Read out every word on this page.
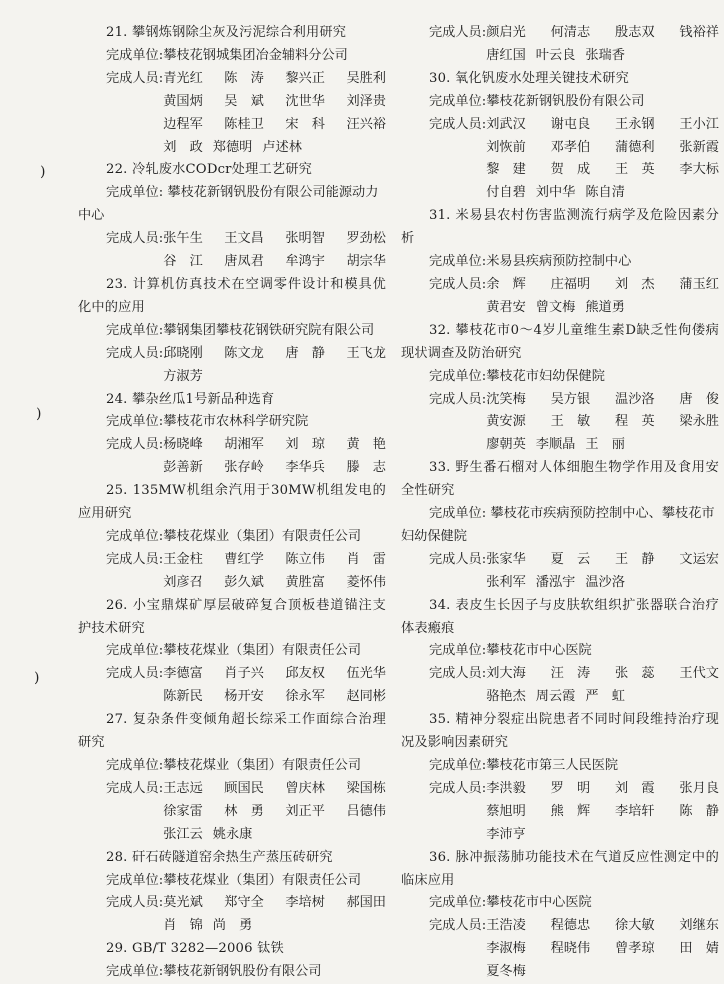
21. 攀钢炼钢除尘灰及污泥综合利用研究

完成单位: 攀枝花钢城集团冶金辅料分公司
完成人员: 青光红 陈　涛 黎兴正 吴胜利
黄国炳 吴　斌 沈世华 刘泽贵
边程军 陈桂卫 宋　科 汪兴裕
刘　政 郑德明 卢述林

22. 冷轧废水CODcr处理工艺研究

完成单位: 攀枝花新钢钒股份有限公司能源动力中心

完成人员: 张午生 王文昌 张明智 罗劲松
谷　江 唐凤君 牟鸿宇 胡宗华

23. 计算机仿真技术在空调零件设计和模具优化中的应用

完成单位: 攀钢集团攀枝花钢铁研究院有限公司
完成人员: 邱晓刚 陈文龙 唐　静 王飞龙
方淑芳

24. 攀杂丝瓜1号新品种选育

完成单位: 攀枝花市农林科学研究院
完成人员: 杨晓峰 胡湘军 刘　琼 黄　艳
彭善新 张存岭 李华兵 滕　志

25. 135MW机组余汽用于30MW机组发电的应用研究

完成单位: 攀枝花煤业（集团）有限责任公司
完成人员: 王金柱 曹红学 陈立伟 肖　雷
刘彦召 彭久斌 黄胜富 菱怀伟

26. 小宝鼎煤矿厚层破碎复合顶板巷道锚注支护技术研究

完成单位: 攀枝花煤业（集团）有限责任公司
完成人员: 李德富 肖子兴 邱友权 伍光华
陈新民 杨开安 徐永军 赵同彬

27. 复杂条件变倾角超长综采工作面综合治理研究

完成单位: 攀枝花煤业（集团）有限责任公司
完成人员: 王志远 顾国民 曾庆林 梁国栋
徐家雷 林　勇 刘正平 吕德伟
张江云 姚永康

28. 矸石砖隧道窑余热生产蒸压砖研究

完成单位: 攀枝花煤业（集团）有限责任公司
完成人员: 莫光斌 郑守全 李培树 郝国田
肖　锦 尚　勇

29. GB/T 3282—2006 钛铁

完成单位: 攀枝花新钢钒股份有限公司
完成人员: 颜启光 何清志 殷志双 钱裕祥
唐红国 叶云良 张瑞香

30. 氧化钒废水处理关键技术研究

完成单位: 攀枝花新钢钒股份有限公司
完成人员: 刘武汉 谢屯良 王永钢 王小江
刘恢前 邓孝伯 蒲德利 张新霞
黎　建 贺　成 王　英 李大标
付自碧 刘中华 陈自清

31. 米易县农村伤害监测流行病学及危险因素分析

完成单位: 米易县疾病预防控制中心
完成人员: 余　辉 庄福明 刘　杰 蒲玉红
黄君安 曾文梅 熊道勇

32. 攀枝花市0～4岁儿童维生素D缺乏性佝偻病现状调查及防治研究

完成单位: 攀枝花市妇幼保健院
完成人员: 沈笑梅 吴方银 温沙洛 唐　俊
黄安源 王　敏 程　英 梁永胜
廖朝英 李顺晶 王　丽

33. 野生番石榴对人体细胞生物学作用及食用安全性研究

完成单位: 攀枝花市疾病预防控制中心、攀枝花市妇幼保健院

完成人员: 张家华 夏　云 王　静 文运宏
张利军 潘泓宇 温沙洛

34. 表皮生长因子与皮肤软组织扩张器联合治疗体表瘢痕

完成单位: 攀枝花市中心医院
完成人员: 刘大海 汪　涛 张　蕊 王代文
骆艳杰 周云霞 严　虹

35. 精神分裂症出院患者不同时间段维持治疗现况及影响因素研究

完成单位: 攀枝花市第三人民医院
完成人员: 李洪毅 罗　明 刘　霞 张月良
蔡旭明 熊　辉 李培轩 陈　静
李沛亨

36. 脉冲振荡肺功能技术在气道反应性测定中的临床应用

完成单位: 攀枝花市中心医院
完成人员: 王浩凌 程德忠 徐大敏 刘继东
李淑梅 程晓伟 曾孝琼 田　婧
夏冬梅
)
)
)
